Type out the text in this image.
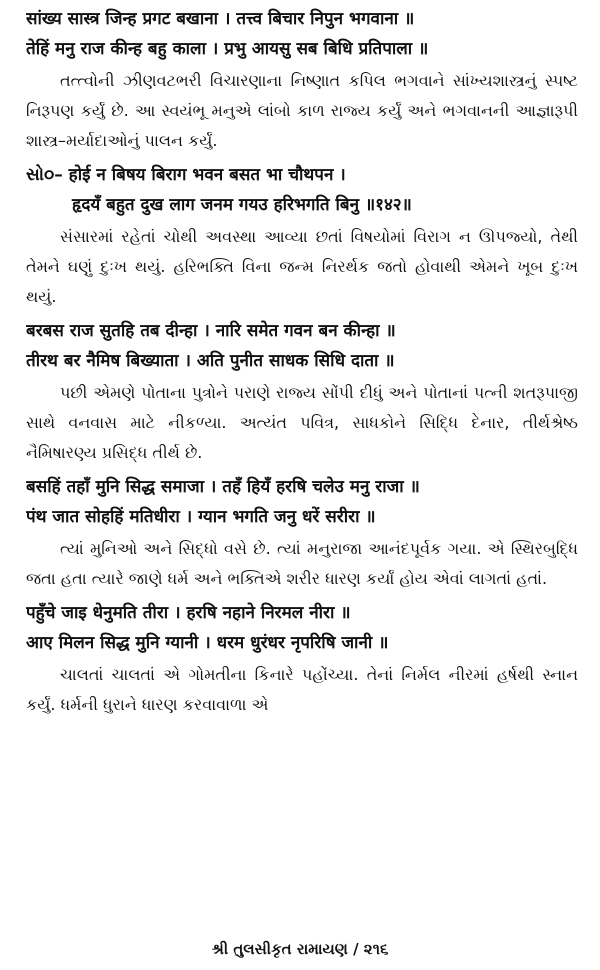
सांख्य सास्त्र जिन्ह प्रगट बखाना । तत्त्व बिचार निपुन भगवाना ॥
तेहिं मनु राज कीन्ह बहु काला । प्रभु आयसु सब बिधि प्रतिपाला ॥

તત્ત્વોની ઝીણવટભરી વિચારણાના નિષ્ણાત કપિલ ભગવાને સાંખ્યશાસ્ત્રનું સ્પષ્ટ નિરૂપણ કર્યું છે. આ સ્વયંભૂ મનુએ લાંબો કાળ રાજ્ય કર્યું અને ભગવાનની આજ્ઞારૂપી શાસ્ત્ર–મર્યાદાઓનું પાલન કર્યું.

સો૦– होई न बिषय बिराग भवन बसत भा चौथपन ।
हृदयँ बहुत दुख लाग जनम गयउ हरिभगति बिनु ॥१४२॥

સંસારમાં રહેતાં ચોથી અવસ્થા આવ્યા છતાં વિષયોમાં વિરાગ ન ઊપજ્યો, તેથી તેમને ઘણું દુઃખ થયું. હરિભક્તિ વિના જન્મ નિરર્થક જતો હોવાથી એમને ખૂબ દુઃખ થયું.

बरबस राज सुतहि तब दीन्हा । नारि समेत गवन बन कीन्हा ॥
तीरथ बर नैमिष बिख्याता । अति पुनीत साधक सिधि दाता ॥

પછી એમણે પોતાના પુત્રોને પરાણે રાજ્ય સોંપી દીધું અને પોતાનાં પત્ની શતરૂપાજી સાથે વનવાસ માટે નીકળ્યા. અત્યંત પવિત્ર, સાધકોને સિદ્ધિ દેનાર, તીર્થશ્રેષ્ઠ નૈમિષારણ્ય પ્રસિદ્ધ તીર્થ છે.

बसहिं तहाँ मुनि सिद्ध समाजा । तहँ हियँ हरषि चलेउ मनु राजा ॥
पंथ जात सोहहिं मतिधीरा । ग्यान भगति जनु धरें सरीरा ॥

ત્યાં મુનિઓ અને સિદ્ધો વસે છે. ત્યાં મનુરાજા આનંદપૂર્વક ગયા. એ સ્થિરબુદ્ધિ જતા હતા ત્યારે જાણે ધર્મ અને ભક્તિએ શરીર ધારણ કર્યાં હોય એવાં લાગતાં હતાં.

पहुँचे जाइ धेनुमति तीरा । हरषि नहाने निरमल नीरा ॥
आए मिलन सिद्ध मुनि ग्यानी । धरम धुरंधर नृपरिषि जानी ॥

ચાલતાં ચાલતાં એ ગોમતીના કિનારે પહોંચ્યા. તેનાં નિર્મલ નીરમાં હર્ષથી સ્નાન કર્યું. ધર્મની ધુરાને ધારણ કરવાવાળા એ

શ્રી તુલસીકૃત રામાયણ / ૨૧૬
